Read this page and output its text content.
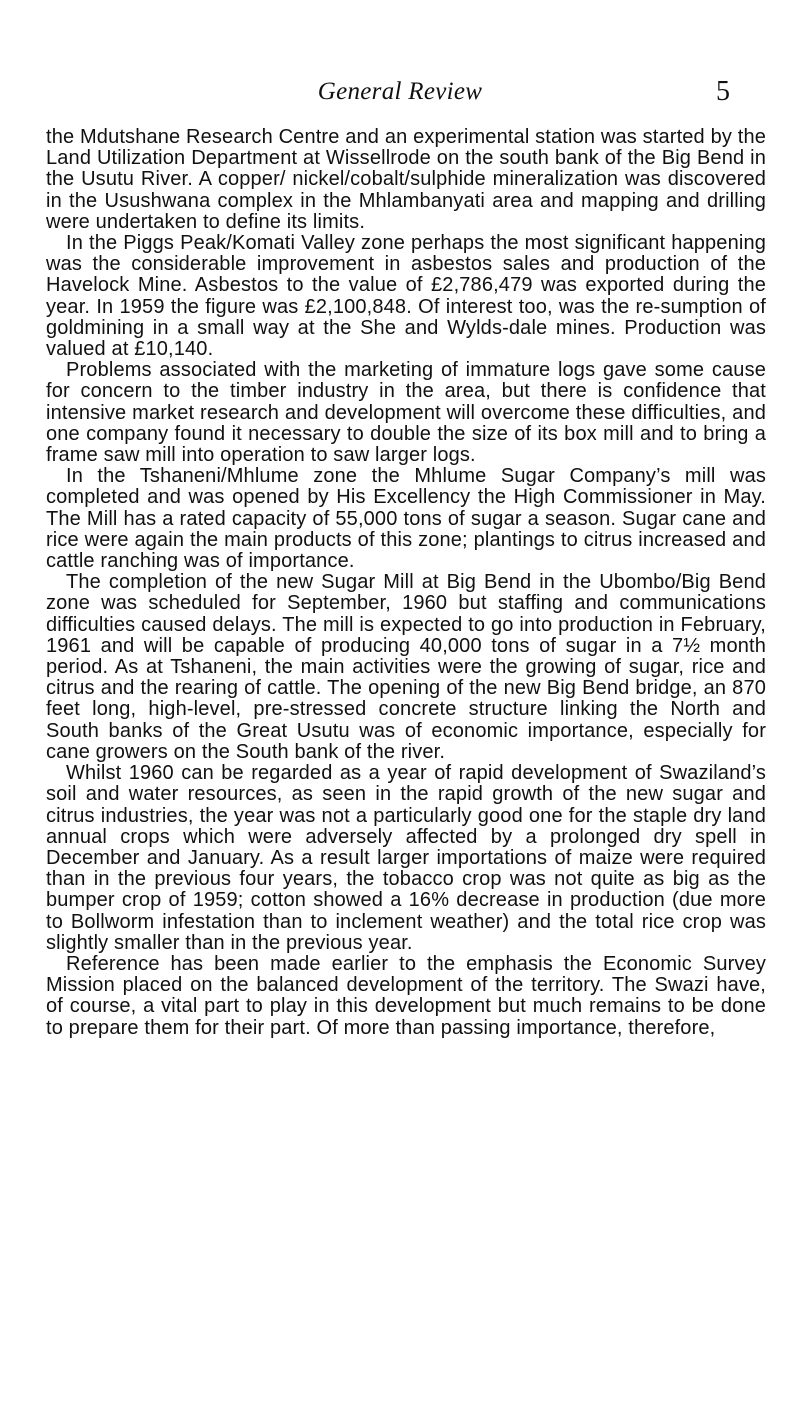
General Review	5

the Mdutshane Research Centre and an experimental station was started by the Land Utilization Department at Wissellrode on the south bank of the Big Bend in the Usutu River. A copper/ nickel/cobalt/sulphide mineralization was discovered in the Usushwana complex in the Mhlambanyati area and mapping and drilling were undertaken to define its limits.

In the Piggs Peak/Komati Valley zone perhaps the most significant happening was the considerable improvement in asbestos sales and production of the Havelock Mine. Asbestos to the value of £2,786,479 was exported during the year. In 1959 the figure was £2,100,848. Of interest too, was the re-sumption of goldmining in a small way at the She and Wylds-dale mines. Production was valued at £10,140.

Problems associated with the marketing of immature logs gave some cause for concern to the timber industry in the area, but there is confidence that intensive market research and development will overcome these difficulties, and one company found it necessary to double the size of its box mill and to bring a frame saw mill into operation to saw larger logs.

In the Tshaneni/Mhlume zone the Mhlume Sugar Company’s mill was completed and was opened by His Excellency the High Commissioner in May. The Mill has a rated capacity of 55,000 tons of sugar a season. Sugar cane and rice were again the main products of this zone; plantings to citrus increased and cattle ranching was of importance.

The completion of the new Sugar Mill at Big Bend in the Ubombo/Big Bend zone was scheduled for September, 1960 but staffing and communications difficulties caused delays. The mill is expected to go into production in February, 1961 and will be capable of producing 40,000 tons of sugar in a 7½ month period. As at Tshaneni, the main activities were the growing of sugar, rice and citrus and the rearing of cattle. The opening of the new Big Bend bridge, an 870 feet long, high-level, pre-stressed concrete structure linking the North and South banks of the Great Usutu was of economic importance, especially for cane growers on the South bank of the river.

Whilst 1960 can be regarded as a year of rapid development of Swaziland’s soil and water resources, as seen in the rapid growth of the new sugar and citrus industries, the year was not a particularly good one for the staple dry land annual crops which were adversely affected by a prolonged dry spell in December and January. As a result larger importations of maize were required than in the previous four years, the tobacco crop was not quite as big as the bumper crop of 1959; cotton showed a 16% decrease in production (due more to Bollworm infestation than to inclement weather) and the total rice crop was slightly smaller than in the previous year.

Reference has been made earlier to the emphasis the Economic Survey Mission placed on the balanced development of the territory. The Swazi have, of course, a vital part to play in this development but much remains to be done to prepare them for their part. Of more than passing importance, therefore,
